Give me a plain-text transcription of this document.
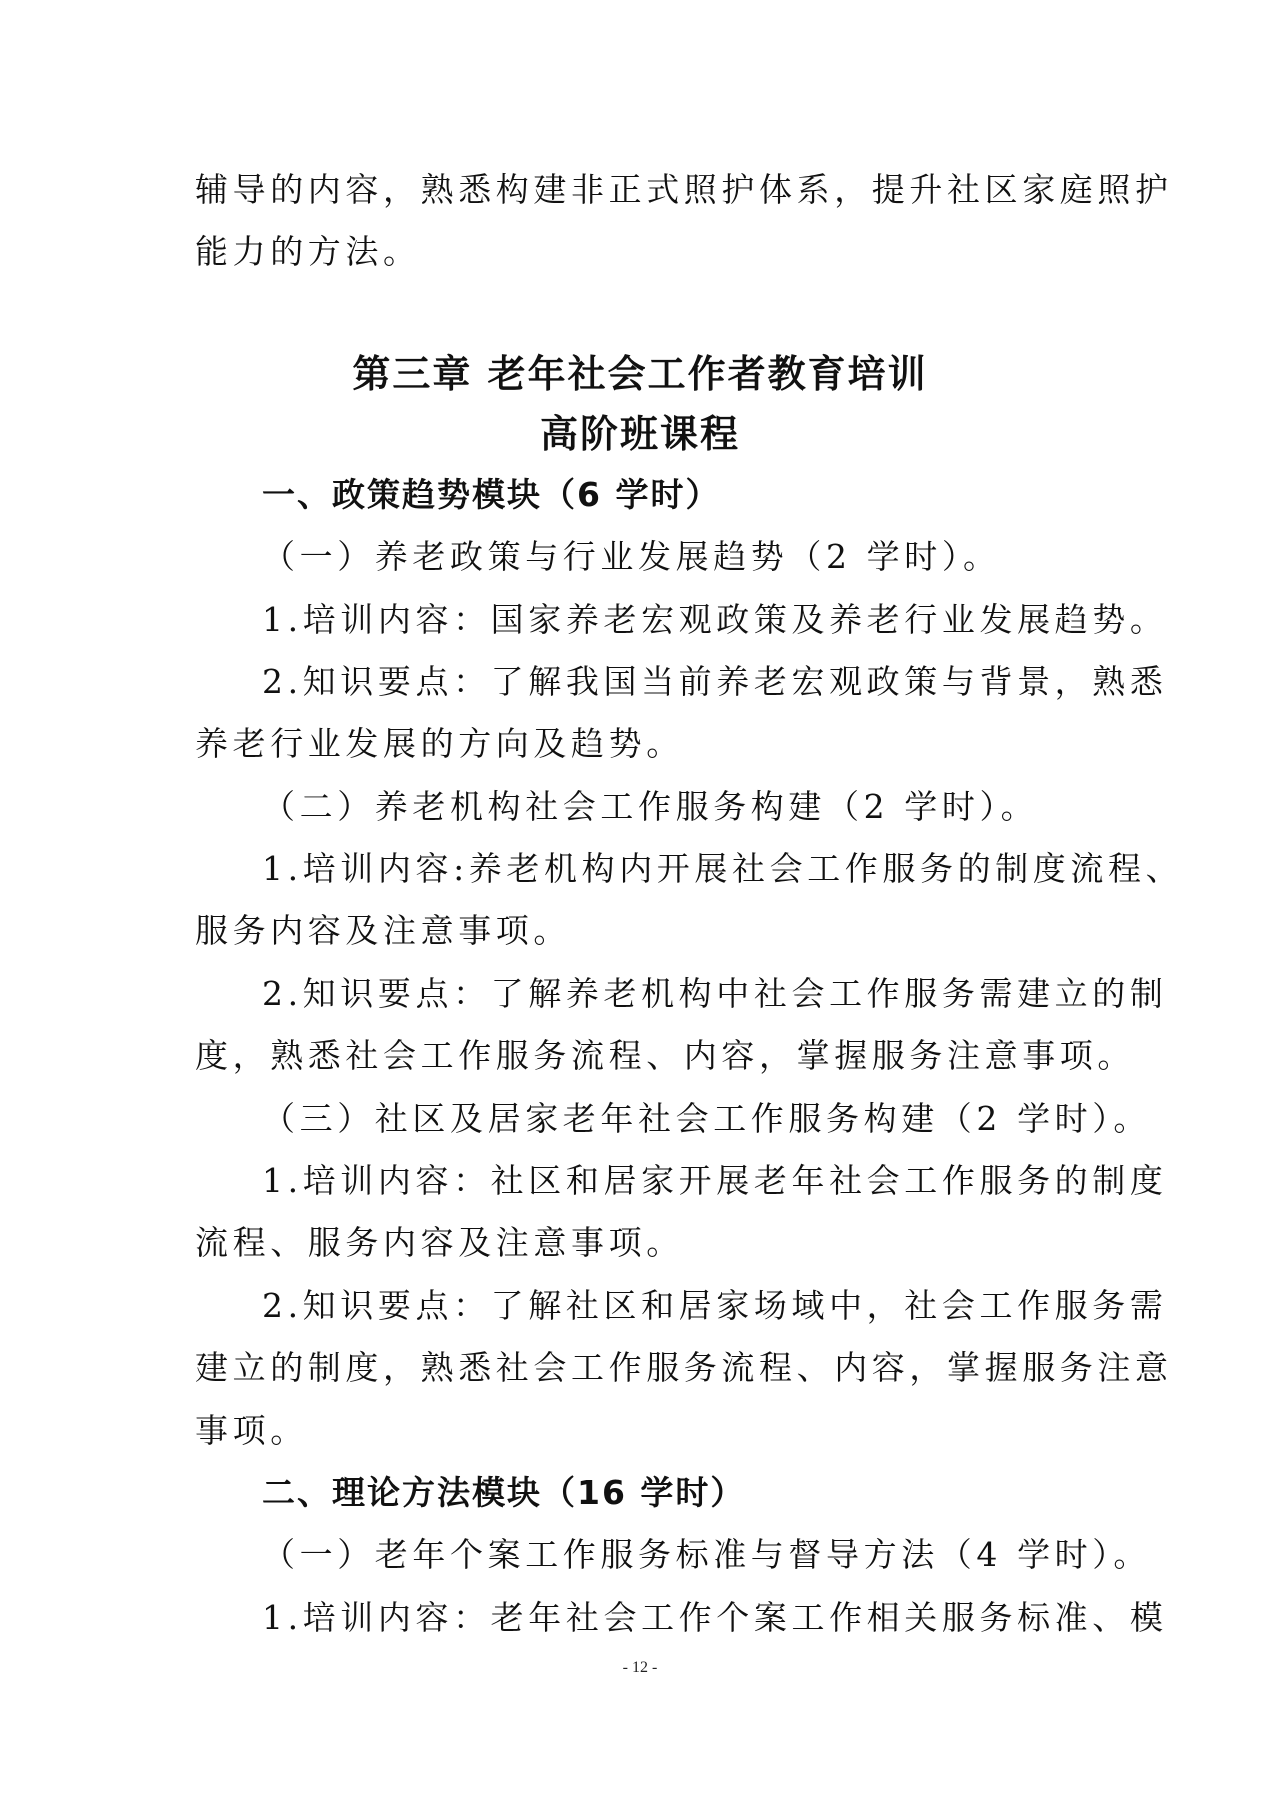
辅导的内容，熟悉构建非正式照护体系，提升社区家庭照护
能力的方法。
第三章 老年社会工作者教育培训
高阶班课程
一、政策趋势模块（6 学时）
（一）养老政策与行业发展趋势（2 学时）。
1.培训内容：国家养老宏观政策及养老行业发展趋势。
2.知识要点：了解我国当前养老宏观政策与背景，熟悉
养老行业发展的方向及趋势。
（二）养老机构社会工作服务构建（2 学时）。
1.培训内容:养老机构内开展社会工作服务的制度流程、
服务内容及注意事项。
2.知识要点：了解养老机构中社会工作服务需建立的制
度，熟悉社会工作服务流程、内容，掌握服务注意事项。
（三）社区及居家老年社会工作服务构建（2 学时）。
1.培训内容：社区和居家开展老年社会工作服务的制度
流程、服务内容及注意事项。
2.知识要点：了解社区和居家场域中，社会工作服务需
建立的制度，熟悉社会工作服务流程、内容，掌握服务注意
事项。
二、理论方法模块（16 学时）
（一）老年个案工作服务标准与督导方法（4 学时）。
1.培训内容：老年社会工作个案工作相关服务标准、模
- 12 -
